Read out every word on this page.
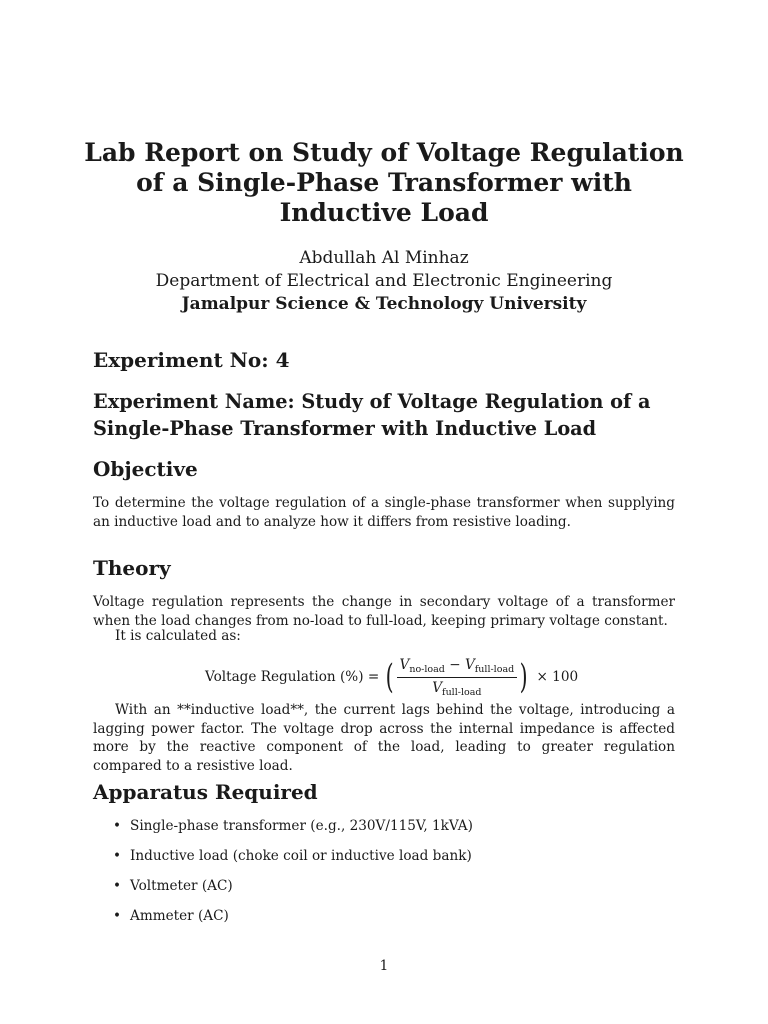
Lab Report on Study of Voltage Regulation of a Single-Phase Transformer with Inductive Load
Abdullah Al Minhaz
Department of Electrical and Electronic Engineering
Jamalpur Science & Technology University
Experiment No: 4
Experiment Name: Study of Voltage Regulation of a Single-Phase Transformer with Inductive Load
Objective

To determine the voltage regulation of a single-phase transformer when supplying an inductive load and to analyze how it differs from resistive loading.

Theory

Voltage regulation represents the change in secondary voltage of a transformer when the load changes from no-load to full-load, keeping primary voltage constant.

It is calculated as:

Voltage Regulation (%) = ( $\frac{V_{no-load} - V_{full-load}}{V_{full-load}}$ ) × 100

With an **inductive load**, the current lags behind the voltage, introducing a lagging power factor. The voltage drop across the internal impedance is affected more by the reactive component of the load, leading to greater regulation compared to a resistive load.

Apparatus Required
• Single-phase transformer (e.g., 230V/115V, 1kVA)
• Inductive load (choke coil or inductive load bank)
• Voltmeter (AC)
• Ammeter (AC)
1
